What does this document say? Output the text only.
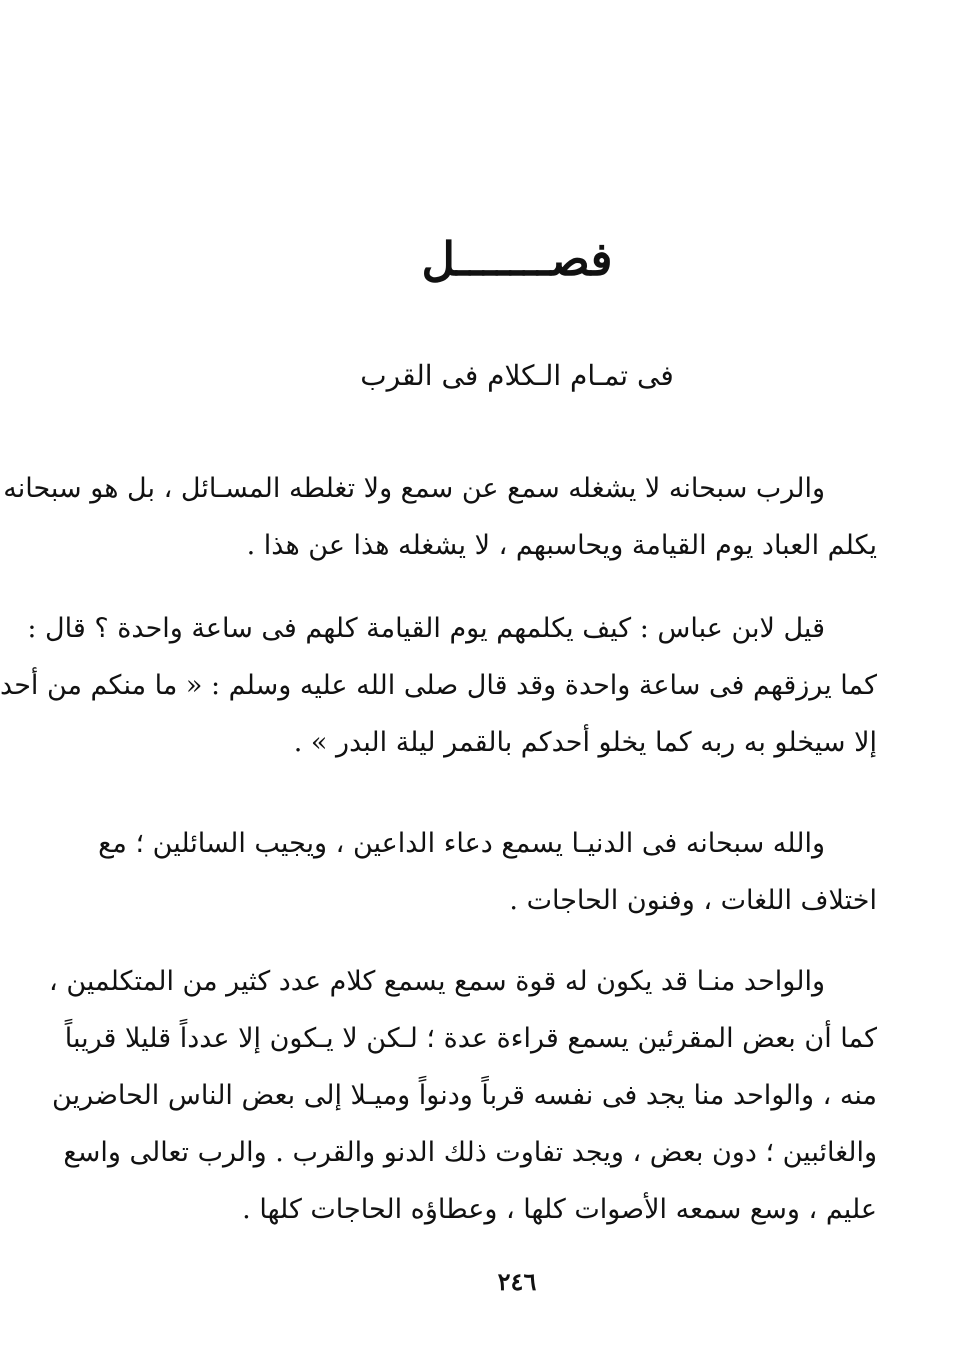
فصـــــــل
فى تمـام الـكلام فى القرب
والرب سبحانه لا يشغله سمع عن سمع ولا تغلطه المسـائل ، بل هو سبحانه
يكلم العباد يوم القيامة ويحاسبهم ، لا يشغله هذا عن هذا .
قيل لابن عباس : كيف يكلمهم يوم القيامة كلهم فى ساعة واحدة ؟ قال :
كما يرزقهم فى ساعة واحدة وقد قال صلى الله عليه وسلم : « ما منكم من أحد
إلا سيخلو به ربه كما يخلو أحدكم بالقمر ليلة البدر » .
والله سبحانه فى الدنيـا يسمع دعاء الداعين ، ويجيب السائلين ؛ مع
اختلاف اللغات ، وفنون الحاجات .
والواحد منـا قد يكون له قوة سمع يسمع كلام عدد كثير من المتكلمين ،
كما أن بعض المقرئين يسمع قراءة عدة ؛ لـكن لا يـكون إلا عدداً قليلا قريباً
منه ، والواحد منا يجد فى نفسه قرباً ودنواً وميـلا إلى بعض الناس الحاضرين
والغائبين ؛ دون بعض ، ويجد تفاوت ذلك الدنو والقرب . والرب تعالى واسع
عليم ، وسع سمعه الأصوات كلها ، وعطاؤه الحاجات كلها .
٢٤٦
